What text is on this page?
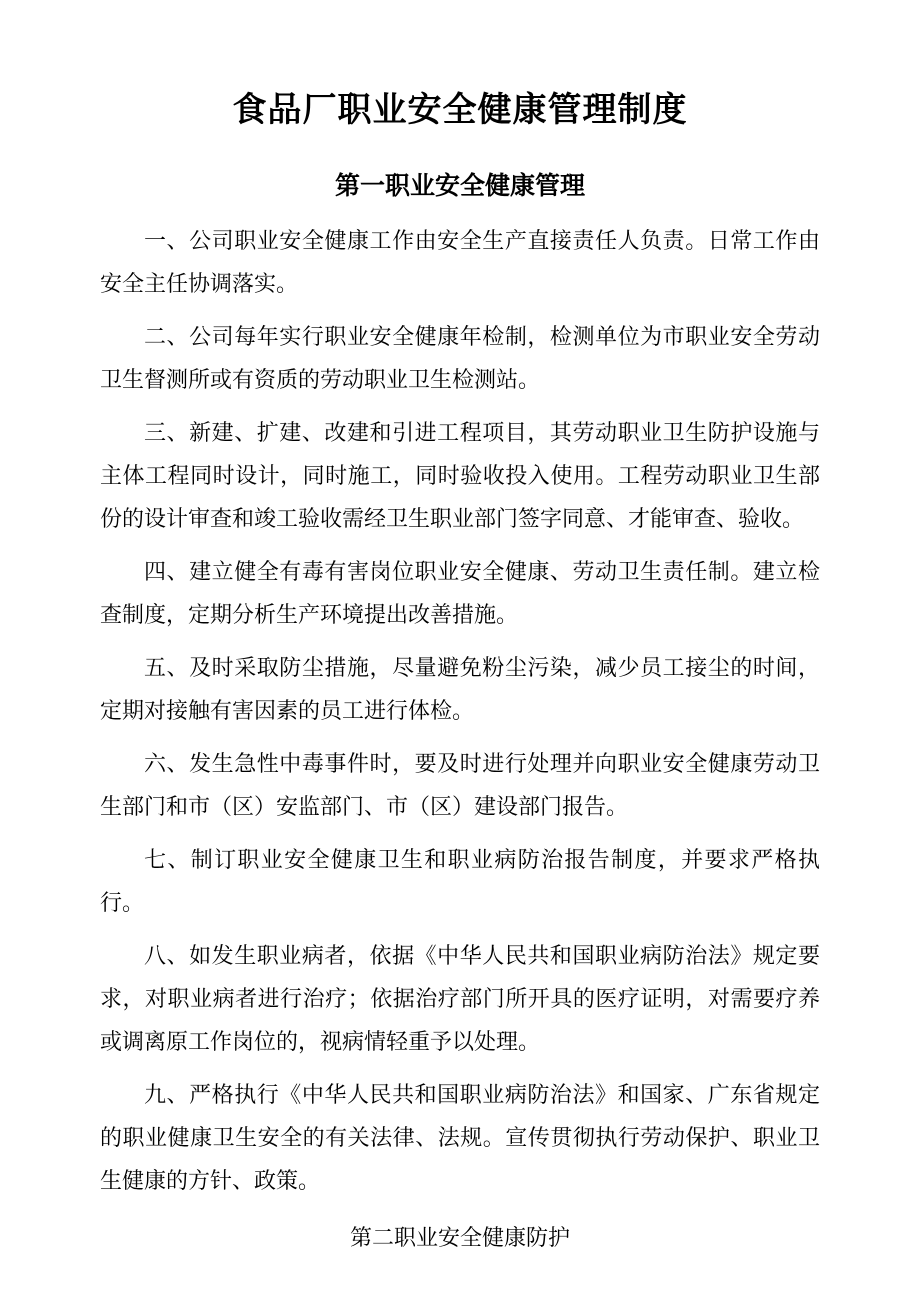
食品厂职业安全健康管理制度
第一职业安全健康管理

一、公司职业安全健康工作由安全生产直接责任人负责。日常工作由安全主任协调落实。

二、公司每年实行职业安全健康年检制，检测单位为市职业安全劳动卫生督测所或有资质的劳动职业卫生检测站。

三、新建、扩建、改建和引进工程项目，其劳动职业卫生防护设施与主体工程同时设计，同时施工，同时验收投入使用。工程劳动职业卫生部份的设计审查和竣工验收需经卫生职业部门签字同意、才能审查、验收。

四、建立健全有毒有害岗位职业安全健康、劳动卫生责任制。建立检查制度，定期分析生产环境提出改善措施。

五、及时采取防尘措施，尽量避免粉尘污染，减少员工接尘的时间，定期对接触有害因素的员工进行体检。

六、发生急性中毒事件时，要及时进行处理并向职业安全健康劳动卫生部门和市（区）安监部门、市（区）建设部门报告。

七、制订职业安全健康卫生和职业病防治报告制度，并要求严格执行。

八、如发生职业病者，依据《中华人民共和国职业病防治法》规定要求，对职业病者进行治疗；依据治疗部门所开具的医疗证明，对需要疗养或调离原工作岗位的，视病情轻重予以处理。

九、严格执行《中华人民共和国职业病防治法》和国家、广东省规定的职业健康卫生安全的有关法律、法规。宣传贯彻执行劳动保护、职业卫生健康的方针、政策。

第二职业安全健康防护
